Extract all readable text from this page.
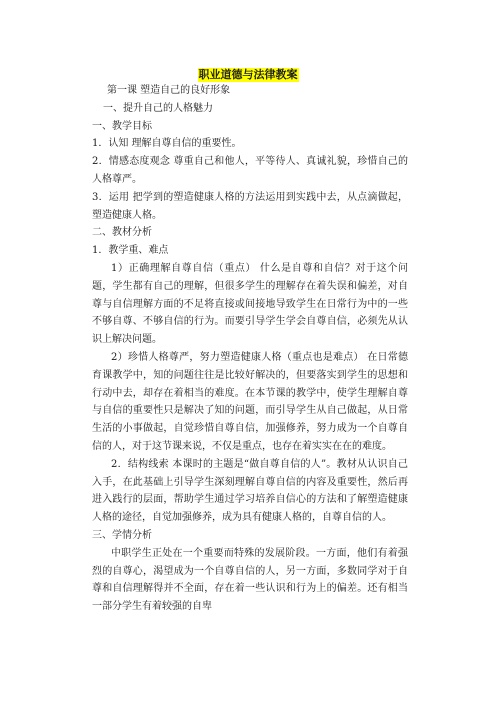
职业道德与法律教案
第一课 塑造自己的良好形象
一、提升自己的人格魅力
一、教学目标
1．认知 理解自尊自信的重要性。
2．情感态度观念 尊重自己和他人，平等待人、真诚礼貌，珍惜自己的人格尊严。
3．运用 把学到的塑造健康人格的方法运用到实践中去，从点滴做起，塑造健康人格。
二、教材分析
1．教学重、难点
1）正确理解自尊自信（重点） 什么是自尊和自信？对于这个问题，学生都有自己的理解，但很多学生的理解存在着失误和偏差，对自尊与自信理解方面的不足将直接或间接地导致学生在日常行为中的一些不够自尊、不够自信的行为。而要引导学生学会自尊自信，必须先从认识上解决问题。
2）珍惜人格尊严，努力塑造健康人格（重点也是难点） 在日常德育课教学中，知的问题往往是比较好解决的，但要落实到学生的思想和行动中去，却存在着相当的难度。在本节课的教学中，使学生理解自尊与自信的重要性只是解决了知的问题，而引导学生从自己做起，从日常生活的小事做起，自觉珍惜自尊自信，加强修养，努力成为一个自尊自信的人，对于这节课来说，不仅是重点，也存在着实实在在的难度。
2．结构线索 本课时的主题是“做自尊自信的人”。教材从认识自己入手，在此基础上引导学生深刻理解自尊自信的内容及重要性，然后再进入践行的层面，帮助学生通过学习培养自信心的方法和了解塑造健康人格的途径，自觉加强修养，成为具有健康人格的，自尊自信的人。
三、学情分析
中职学生正处在一个重要而特殊的发展阶段。一方面，他们有着强烈的自尊心，渴望成为一个自尊自信的人，另一方面，多数同学对于自尊和自信理解得并不全面，存在着一些认识和行为上的偏差。还有相当一部分学生有着较强的自卑
